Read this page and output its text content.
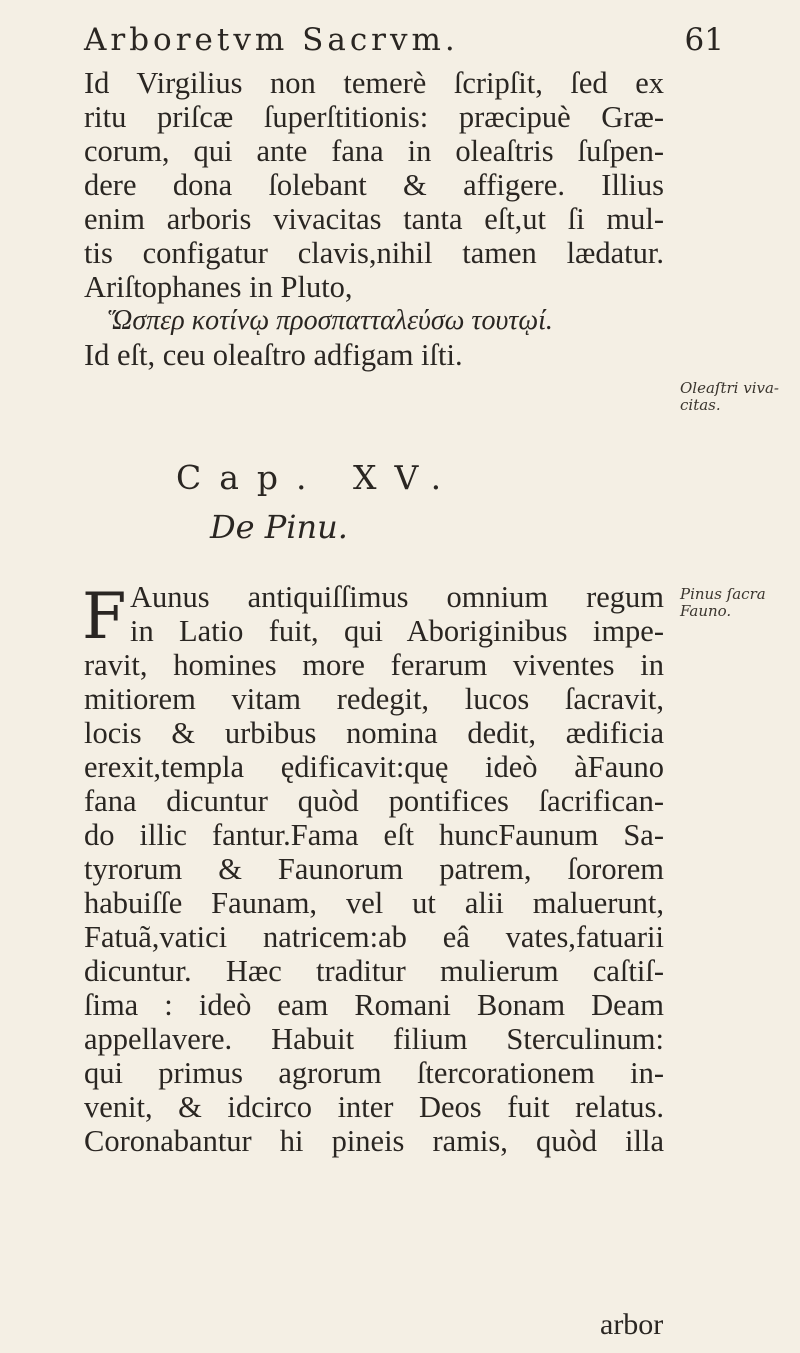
Arboretvm Sacrvm.	61
Id Virgilius non temerè ſcripſit, ſed ex
ritu priſcæ ſuperſtitionis: præcipuè Græ-
corum, qui ante fana in oleaſtris ſuſpen-
dere dona ſolebant & affigere. Illius
enim arboris vivacitas tanta eſt,ut ſi mul-
tis configatur clavis,nihil tamen lædatur.
Ariſtophanes in Pluto,
Ὥσπερ κοτίνῳ προσπατταλεύσω τουτῳί.
Id eſt, ceu oleaſtro adfigam iſti.
Oleaſtri viva-
citas.
Cap. XV.
De Pinu.
F Aunus antiquiſſimus omnium regum
in Latio fuit, qui Aboriginibus impe-
ravit, homines more ferarum viventes in
mitiorem vitam redegit, lucos ſacravit,
locis & urbibus nomina dedit, ædificia
erexit,templa ędificavit:quę ideò àFauno
fana dicuntur quòd pontifices ſacrifican-
do illic fantur.Fama eſt huncFaunum Sa-
tyrorum & Faunorum patrem, ſororem
habuiſſe Faunam, vel ut alii maluerunt,
Fatuã,vatici natricem:ab eâ vates,fatuarii
dicuntur. Hæc traditur mulierum caſtiſ-
ſima : ideò eam Romani Bonam Deam
appellavere. Habuit filium Sterculinum:
qui primus agrorum ſtercorationem in-
venit, & idcirco inter Deos fuit relatus.
Coronabantur hi pineis ramis, quòd illa
Pinus ſacra
Fauno.
arbor
